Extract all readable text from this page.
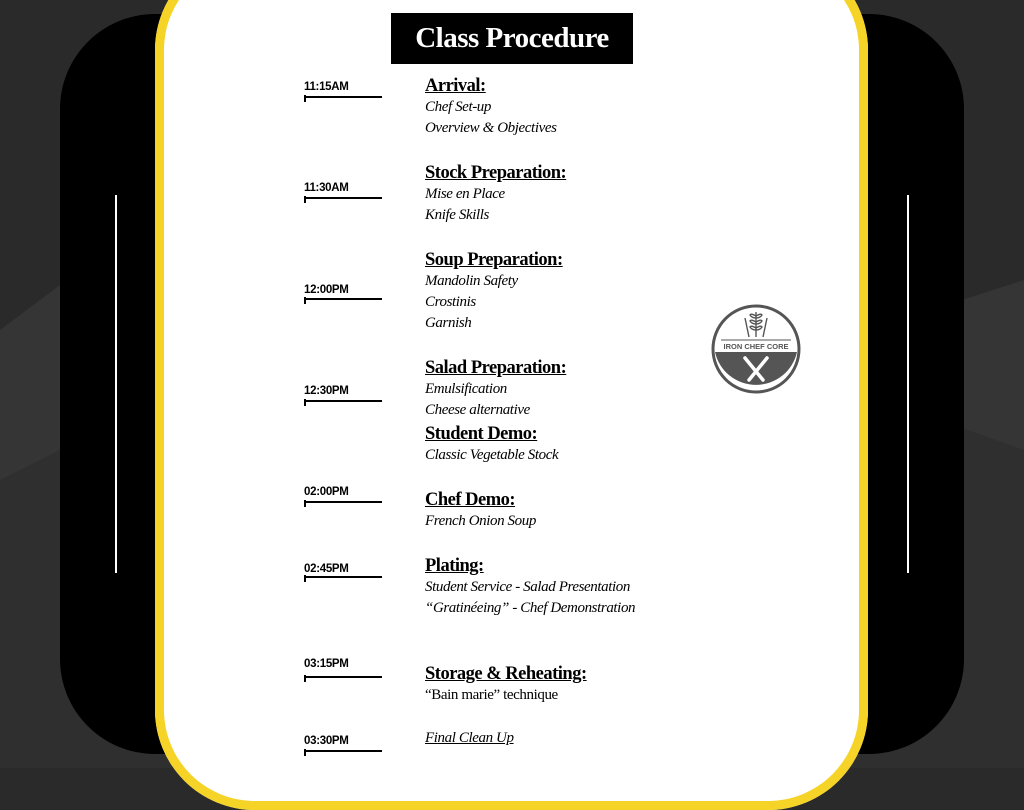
IRON CHEF CORE
Class Procedure
11:15AM
11:30AM
12:00PM
12:30PM
02:00PM
02:45PM
03:15PM
03:30PM
Arrival:
Chef Set-up
Overview & Objectives
Stock Preparation:
Mise en Place
Knife Skills
Soup Preparation:
Mandolin Safety
Crostinis
Garnish
Salad Preparation:
Emulsification
Cheese alternative
Student Demo:
Classic Vegetable Stock
Chef Demo:
French Onion Soup
Plating:
Student Service - Salad Presentation
“Gratinéeing” - Chef Demonstration
Storage & Reheating:
“Bain marie” technique
Final Clean Up
